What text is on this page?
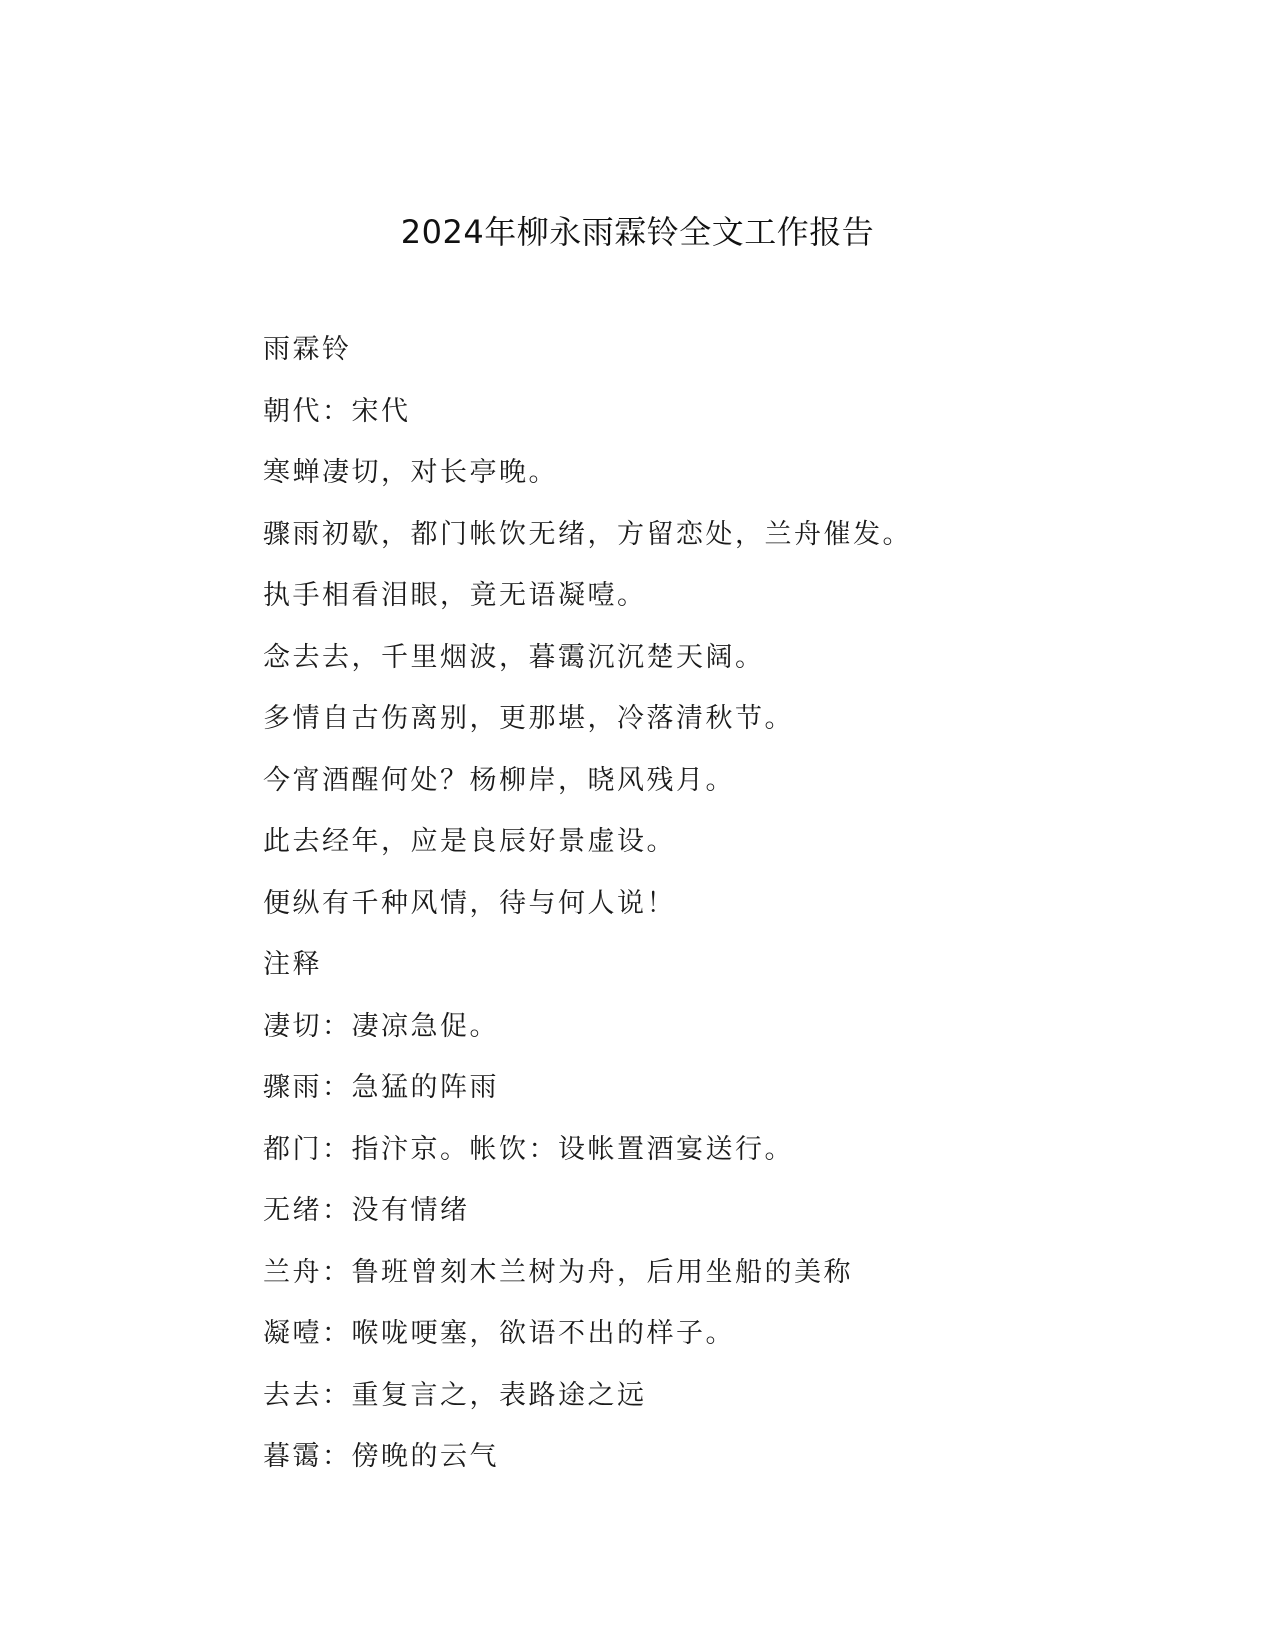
2024年柳永雨霖铃全文工作报告
雨霖铃
朝代：宋代
寒蝉凄切，对长亭晚。
骤雨初歇，都门帐饮无绪，方留恋处，兰舟催发。
执手相看泪眼，竟无语凝噎。
念去去，千里烟波，暮霭沉沉楚天阔。
多情自古伤离别，更那堪，冷落清秋节。
今宵酒醒何处？杨柳岸，晓风残月。
此去经年，应是良辰好景虚设。
便纵有千种风情，待与何人说！
注释
凄切：凄凉急促。
骤雨：急猛的阵雨
都门：指汴京。帐饮：设帐置酒宴送行。
无绪：没有情绪
兰舟：鲁班曾刻木兰树为舟，后用坐船的美称
凝噎：喉咙哽塞，欲语不出的样子。
去去：重复言之，表路途之远
暮霭：傍晚的云气
